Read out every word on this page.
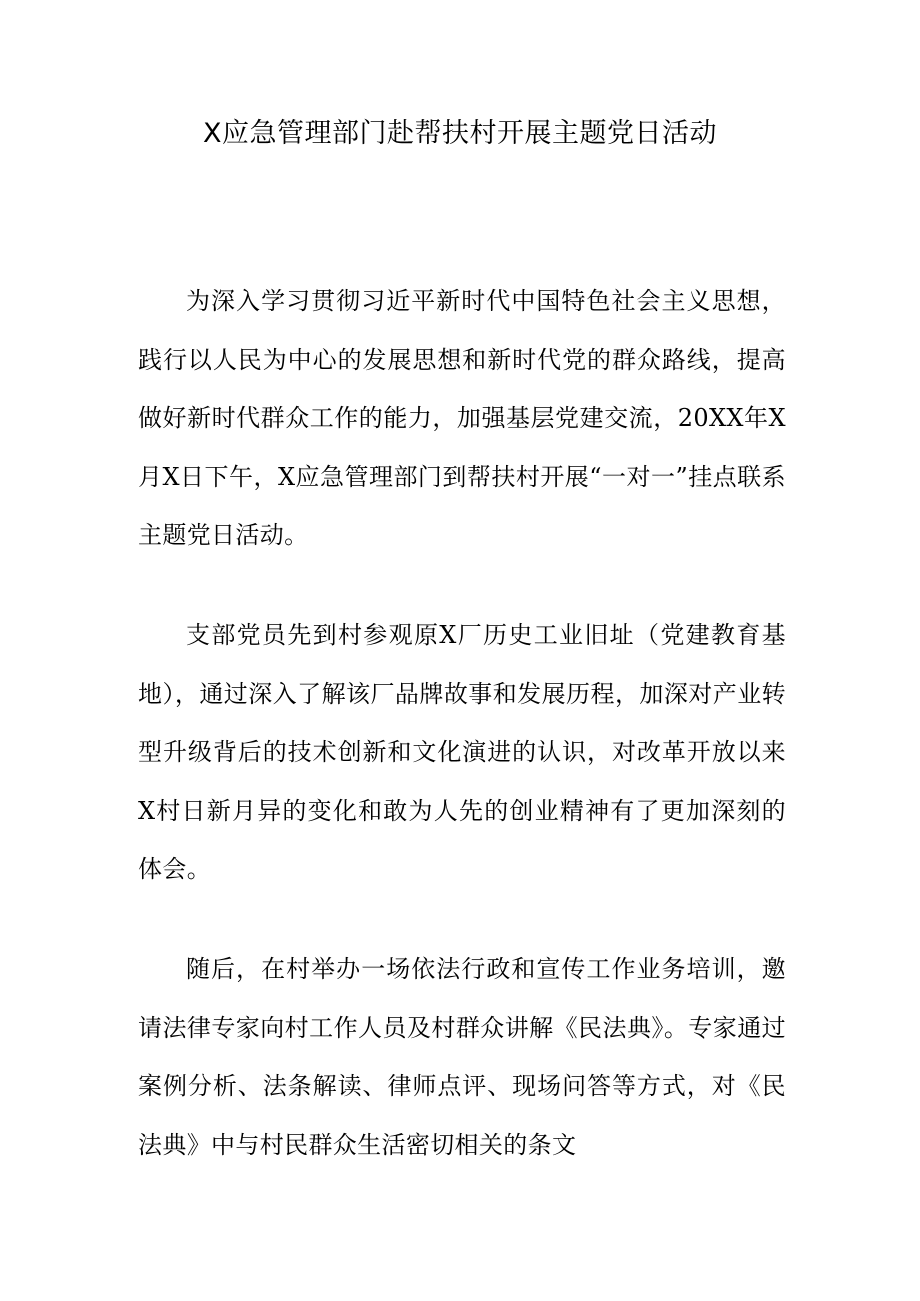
X应急管理部门赴帮扶村开展主题党日活动

为深入学习贯彻习近平新时代中国特色社会主义思想，践行以人民为中心的发展思想和新时代党的群众路线，提高做好新时代群众工作的能力，加强基层党建交流，20XX年X月X日下午，X应急管理部门到帮扶村开展“一对一”挂点联系主题党日活动。

支部党员先到村参观原X厂历史工业旧址（党建教育基地），通过深入了解该厂品牌故事和发展历程，加深对产业转型升级背后的技术创新和文化演进的认识，对改革开放以来X村日新月异的变化和敢为人先的创业精神有了更加深刻的体会。

随后，在村举办一场依法行政和宣传工作业务培训，邀请法律专家向村工作人员及村群众讲解《民法典》。专家通过案例分析、法条解读、律师点评、现场问答等方式，对《民法典》中与村民群众生活密切相关的条文
